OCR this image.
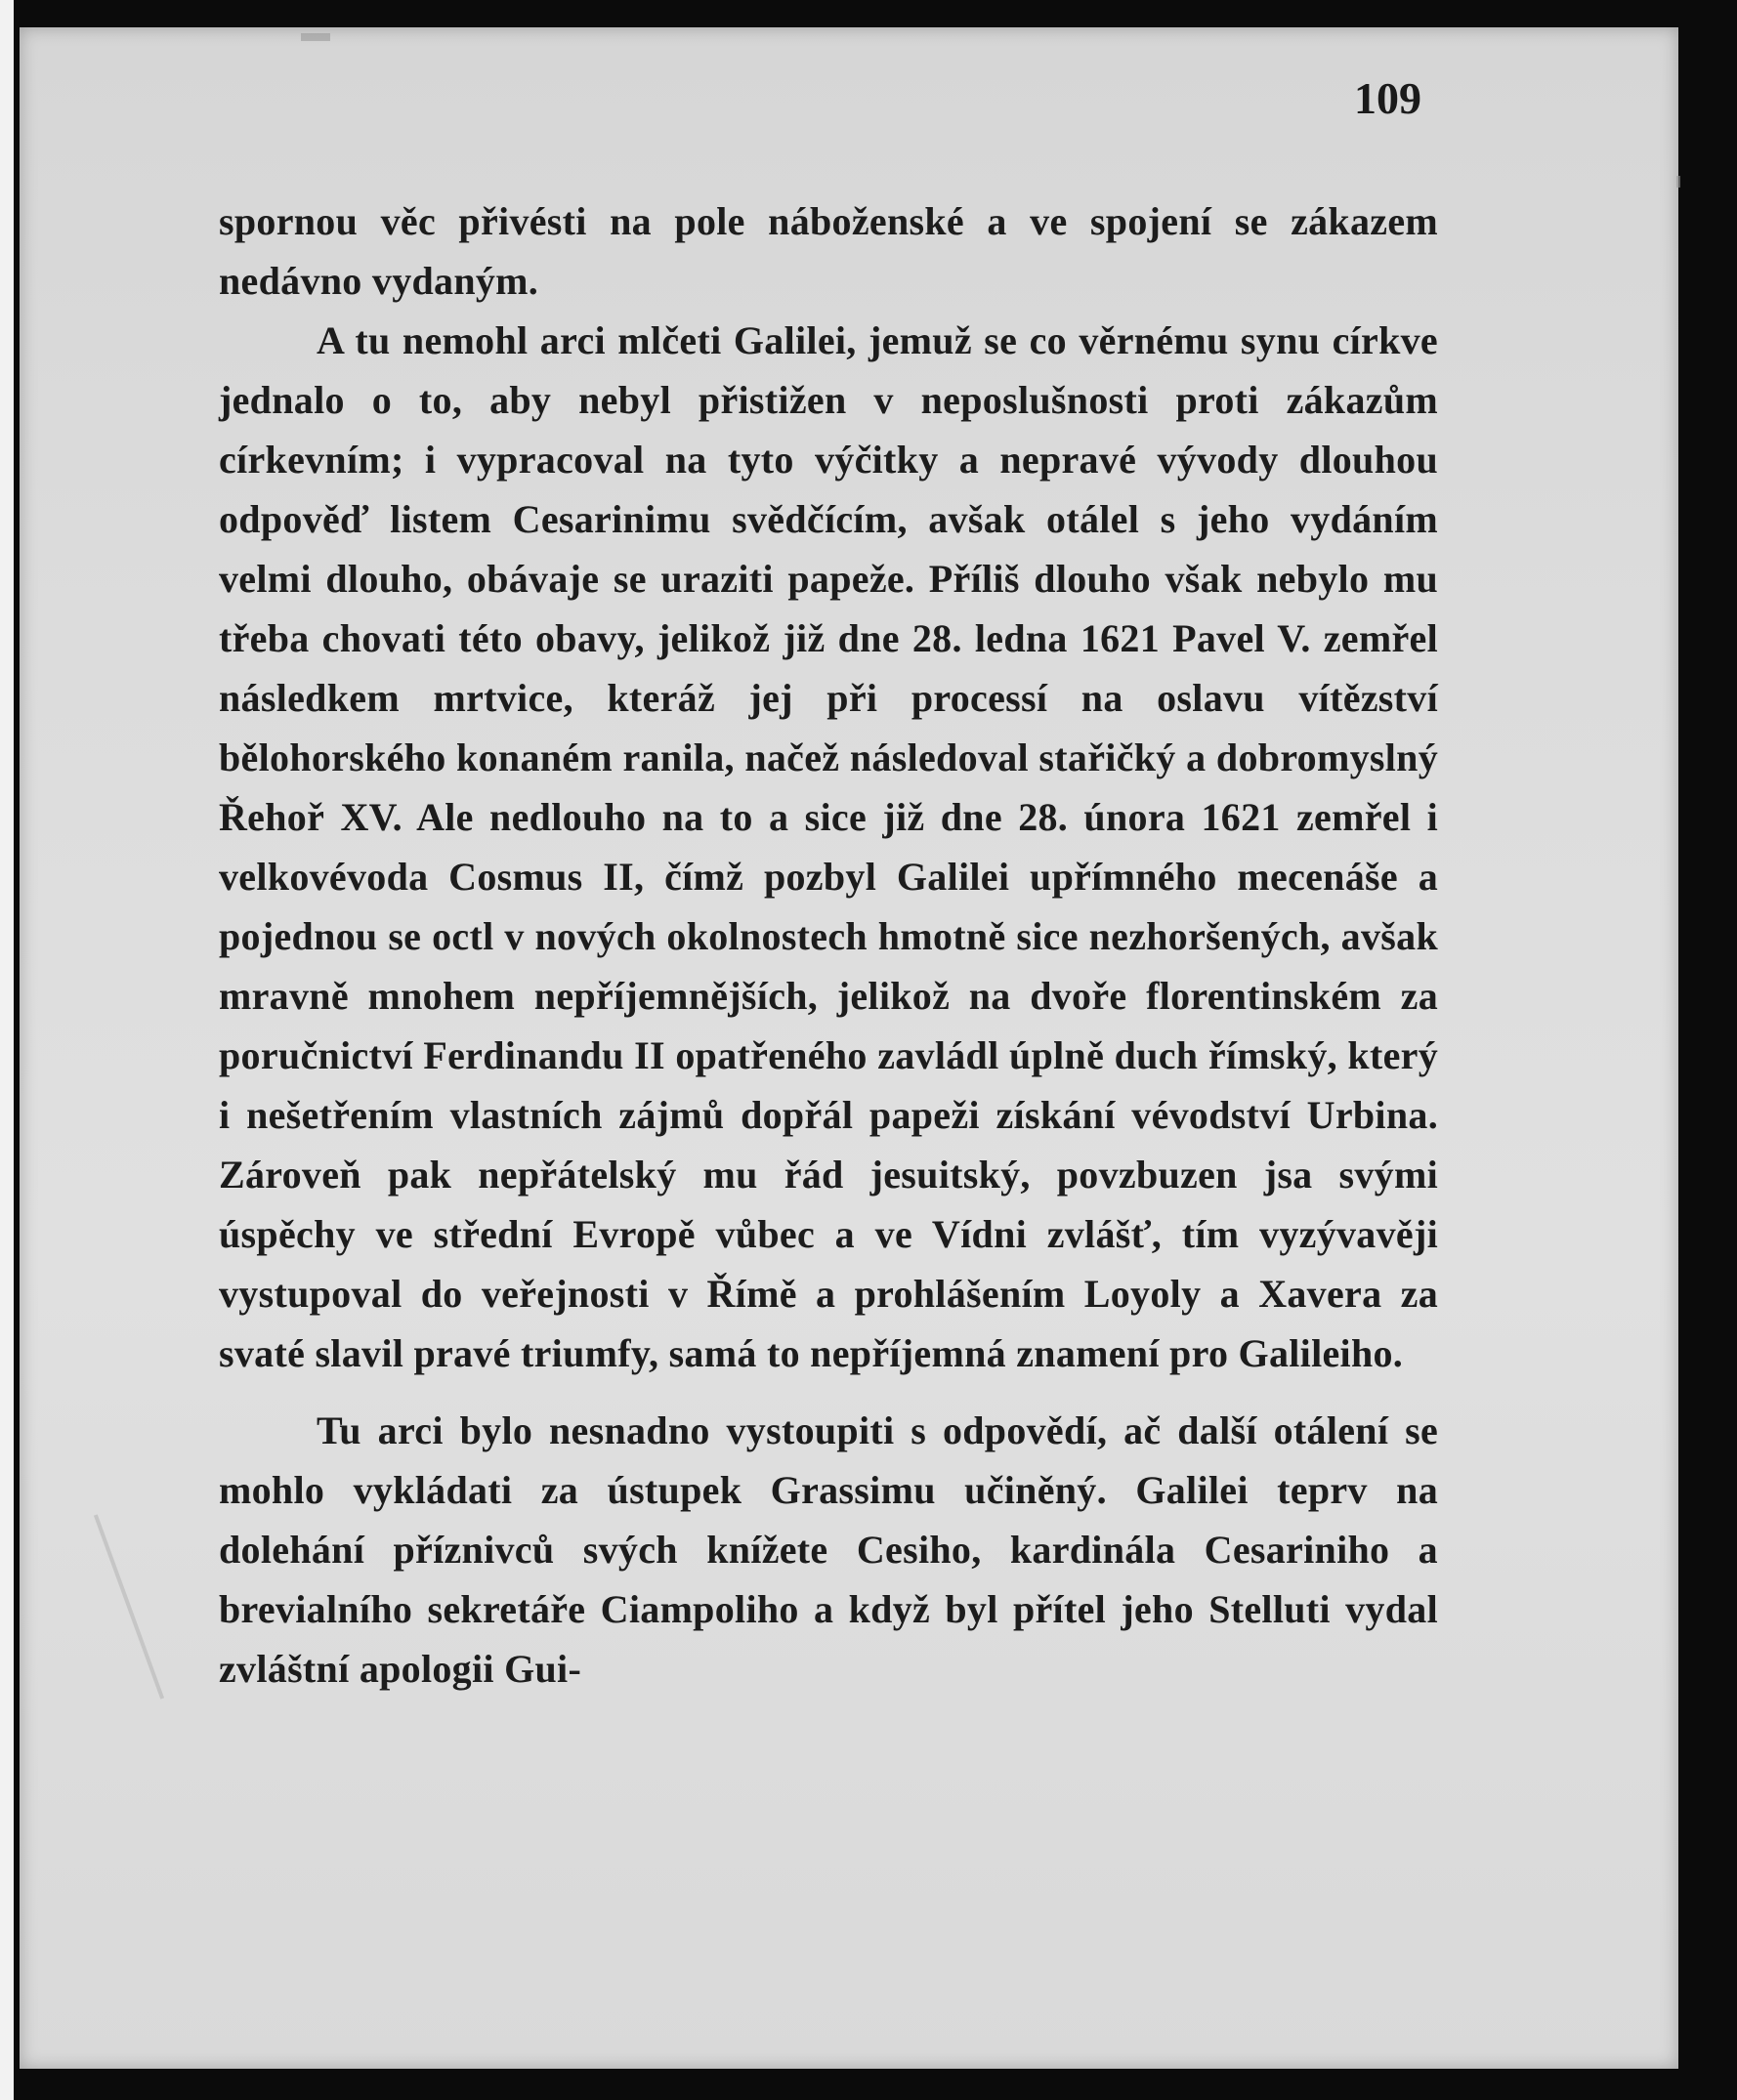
109

spornou věc přivésti na pole náboženské a ve spojení se zákazem nedávno vydaným.

A tu nemohl arci mlčeti Galilei, jemuž se co věrnému synu církve jednalo o to, aby nebyl přistižen v neposlušnosti proti zákazům církevním; i vypracoval na tyto výčitky a nepravé vývody dlouhou odpověď listem Cesarinimu svědčícím, avšak otálel s jeho vydáním velmi dlouho, obávaje se uraziti papeže. Příliš dlouho však nebylo mu třeba chovati této obavy, jelikož již dne 28. ledna 1621 Pavel V. zemřel následkem mrtvice, kteráž jej při processí na oslavu vítězství bělohorského konaném ranila, načež následoval stařičký a dobromyslný Řehoř XV. Ale nedlouho na to a sice již dne 28. února 1621 zemřel i velkovévoda Cosmus II, čímž pozbyl Galilei upřímného mecenáše a pojednou se octl v nových okolnostech hmotně sice nezhoršených, avšak mravně mnohem nepříjemnějších, jelikož na dvoře florentinském za poručnictví Ferdinandu II opatřeného zavládl úplně duch římský, který i nešetřením vlastních zájmů dopřál papeži získání vévodství Urbina. Zároveň pak nepřátelský mu řád jesuitský, povzbuzen jsa svými úspěchy ve střední Evropě vůbec a ve Vídni zvlášť, tím vyzývavěji vystupoval do veřejnosti v Římě a prohlášením Loyoly a Xavera za svaté slavil pravé triumfy, samá to nepříjemná znamení pro Galileiho.

Tu arci bylo nesnadno vystoupiti s odpovědí, ač další otálení se mohlo vykládati za ústupek Grassimu učiněný. Galilei teprv na dolehání příznivců svých knížete Cesiho, kardinála Cesariniho a brevialního sekretáře Ciampoliho a když byl přítel jeho Stelluti vydal zvláštní apologii Gui-
